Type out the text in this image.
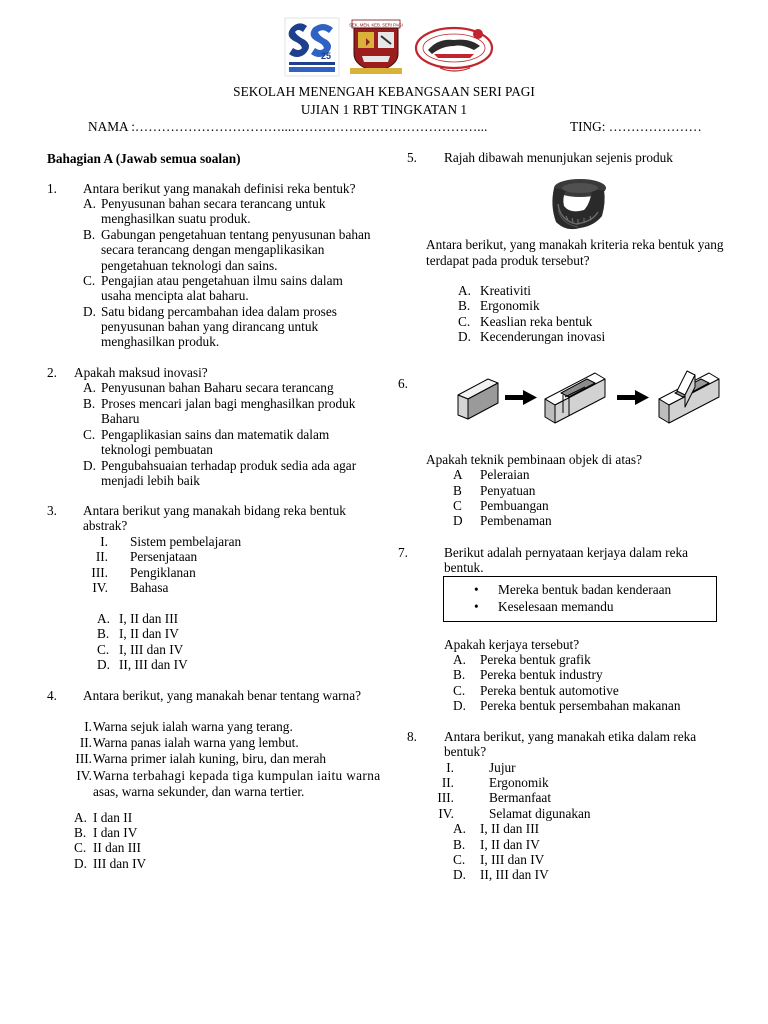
25
SEK. MEN. KEB. SERI PAGI
SEKOLAH MENENGAH KEBANGSAAN SERI PAGI
UJIAN 1 RBT TINGKATAN 1
NAMA :……………………………...……………………………………...	TING: …………………
Bahagian A (Jawab semua soalan)
1. Antara berikut yang manakah definisi reka bentuk?
A. Penyusunan bahan secara terancang untuk
menghasilkan suatu produk.
B. Gabungan pengetahuan tentang penyusunan bahan
secara terancang dengan mengaplikasikan
pengetahuan teknologi dan sains.
C. Pengajian atau pengetahuan ilmu sains dalam
usaha mencipta alat baharu.
D. Satu bidang percambahan idea dalam proses
penyusunan bahan yang dirancang untuk
menghasilkan produk.
2. Apakah maksud inovasi?
A. Penyusunan bahan Baharu secara terancang
B. Proses mencari jalan bagi menghasilkan produk
Baharu
C. Pengaplikasian sains dan matematik dalam
teknologi pembuatan
D. Pengubahsuaian terhadap produk sedia ada agar
menjadi lebih baik
3. Antara berikut yang manakah bidang reka bentuk
abstrak?
I. Sistem pembelajaran
II. Persenjataan
III. Pengiklanan
IV. Bahasa
A. I, II dan III
B. I, II dan IV
C. I, III dan IV
D. II, III dan IV
4. Antara berikut, yang manakah benar tentang warna?
I. Warna sejuk ialah warna yang terang.
II. Warna panas ialah warna yang lembut.
III. Warna primer ialah kuning, biru, dan merah
IV. Warna terbahagi kepada tiga kumpulan iaitu warna
asas, warna sekunder, dan warna tertier.
A. I dan II
B. I dan IV
C. II dan III
D. III dan IV
5. Rajah dibawah menunjukan sejenis produk
Antara berikut, yang manakah kriteria reka bentuk yang
terdapat pada produk tersebut?
A. Kreativiti
B. Ergonomik
C. Keaslian reka bentuk
D. Kecenderungan inovasi
6.
Apakah teknik pembinaan objek di atas?
A Peleraian
B Penyatuan
C Pembuangan
D Pembenaman
7.	Berikut adalah pernyataan kerjaya dalam reka
bentuk.
• Mereka bentuk badan kenderaan
• Keselesaan memandu
Apakah kerjaya tersebut?
A. Pereka bentuk grafik
B. Pereka bentuk industry
C. Pereka bentuk automotive
D. Pereka bentuk persembahan makanan
8. Antara berikut, yang manakah etika dalam reka
bentuk?
I.	Jujur
II.	Ergonomik
III.	Bermanfaat
IV.	Selamat digunakan
A. I, II dan III
B. I, II dan IV
C. I, III dan IV
D. II, III dan IV
